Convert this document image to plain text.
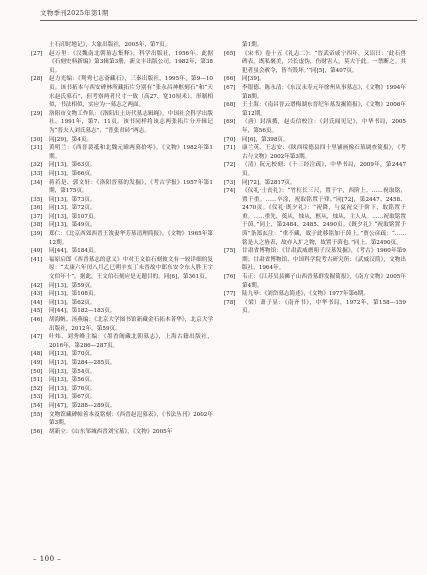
文物季刊2025年第1期

土石印时地记》，大象出版社，2005年，第7页。

[27] 赵万里：《汉魏南北朝墓志集释》，科学出版社，1956年。此据《石刻史料新编》第3辑第3册，新文丰出版公司，1982年，第38页。

[28] 赵力光编：《鸳鸯七志斋藏石》，三秦出版社，1995年，第9—10页。该书拓本与西安碑林所藏拓片分别有“张永昌神柩刻石”和“天水赵氏墓石”，但考察两者尺寸一致（高27、宽10厘米），形制相似，书法相似，实应为一墓志之两面。

[29] 洛阳市文物工作队：《洛阳出土历代墓志辑绳》，中国社会科学出版社，1991年，第7、11页。该书同样将该志两张拓片分开辑记为“普夫人刘氏墓志”、“普张君砖”两志。

[30] 同[29]，第4页。

[31] 黄明兰：《西晋裴祗和北魏元暐两墓拾零》，《文物》1982年第1期。

[32] 同[13]，第63页。

[33] 同[13]，第66页。

[34] 蒋若是、郭文轩：《洛阳晋墓的发掘》，《考古学报》1957年第1期，第175页。

[35] 同[13]，第73页。

[36] 同[13]，第72页。

[37] 同[13]，第107页。

[38] 同[13]，第49页。

[39] 郑仁：《北京西郊西晋王浚妻华芳墓清理简报》，《文物》1965年第12期。

[40] 同[44]，第184页。

[41] 福原启郎《西晋墓志的意义》中对王文伯石刻彼文有一较详细的复原：“太康六年闰八月乙巳朔辛亥丁未晋故中郎东安令东人胜王宇文伯年十”。据此，王文伯石刻应是无题目的。同[6]，第361页。

[42] 同[13]，第59页。

[43] 同[13]，第108页。

[44] 同[13]，第62页。

[45] 同[44]，第182—183页。

[46] 胡海帆、汤燕编：《北京大学图书馆新藏金石拓本菁华》，北京大学出版社，2012年，第59页。

[47] 叶炜、刘秀峰主编：《墨香阁藏北朝墓志》，上海古籍出版社，2016年，第286—287页。

[48] 同[13]，第70页。

[49] 同[13]，第284—285页。

[50] 同[13]，第54页。

[51] 同[13]，第56页。

[52] 同[13]，第76页。

[53] 同[13]，第67页。

[54] 同[47]，第288—289页。

[55] 文物馆藏碑帖善本及铭刻：《西晋赵氾墓表》，《书法丛刊》2002年第3期。

[56] 胡新立：《山东邹城西晋刘宝墓》，《文物》2005年

第1期。

[65] 《宋书》卷十五《礼志二》：“晋武帝咸宁四年，又诏曰：‘此石兽碑表，既私褒美，兴长虚伪，伤财害人，莫大于此。一禁断之。其犯者虽会赦令，皆当毁坏。’”同[5]，第407页。

[66] 同[39]。

[67] 李银德、陈永清：《东汉永寿元年徐州从事墓志》，《文物》1994年第8期。

[68] 王士海：《南昌晋云谱梅湖东晋纪年墓发掘简报》，《文物》2008年第12期。

[69] （唐）封演撰，赵贞信校注：《封氏闻见记》，中华书局，2005年，第56页。

[70] 同[6]，第398页。

[71] 康兰英、王志安：《陕西绥德县四十里铺画像石墓调查简报》，《考古与文物》2002年第3期。

[72] （清）阮元校刻：《十三经注疏》，中华书局，2009年，第2447页。

[73] 同[72]，第2817页。

[74] 《仪礼·士丧礼》：“竹杠长三尺，置于宇，西阶上。……祝取铭，置于重。……卒涂，祝取铭置于肂。”同[72]，第2447、2458、2470页。《仪礼·既夕礼》：“祝降，与夏祝交于阶下，取铭置于重。……重先，奠从，烛从，柩从，烛从，主人从。……祝取铭置于茵。”同上，第2484、2485、2490页。《既夕礼》“祝取铭置于茵”条郑玄注：“重不藏，故于此移铭加于茵上。”贾公彦疏：“……铭是人之旌表，故亦入圹之物，故置于茵也。”同上，第2490页。

[75] 甘肃省博物馆：《甘肃武威磨咀子汉墓发掘》，《考古》1960年第9期；甘肃省博物馆、中国科学院考古研究所：《武威汉简》，文物出版社，1964年。

[76] 韦正：《江苏吴县狮子山西晋墓群发掘简报》，《南方文物》2005年第4期。

[77] 陆九皋：《刘岱墓志简述》，《文物》1977年第6期。

[78] （梁）萧子显：《南齐书》，中华书局，1972年，第158—159页。

– 100 –
